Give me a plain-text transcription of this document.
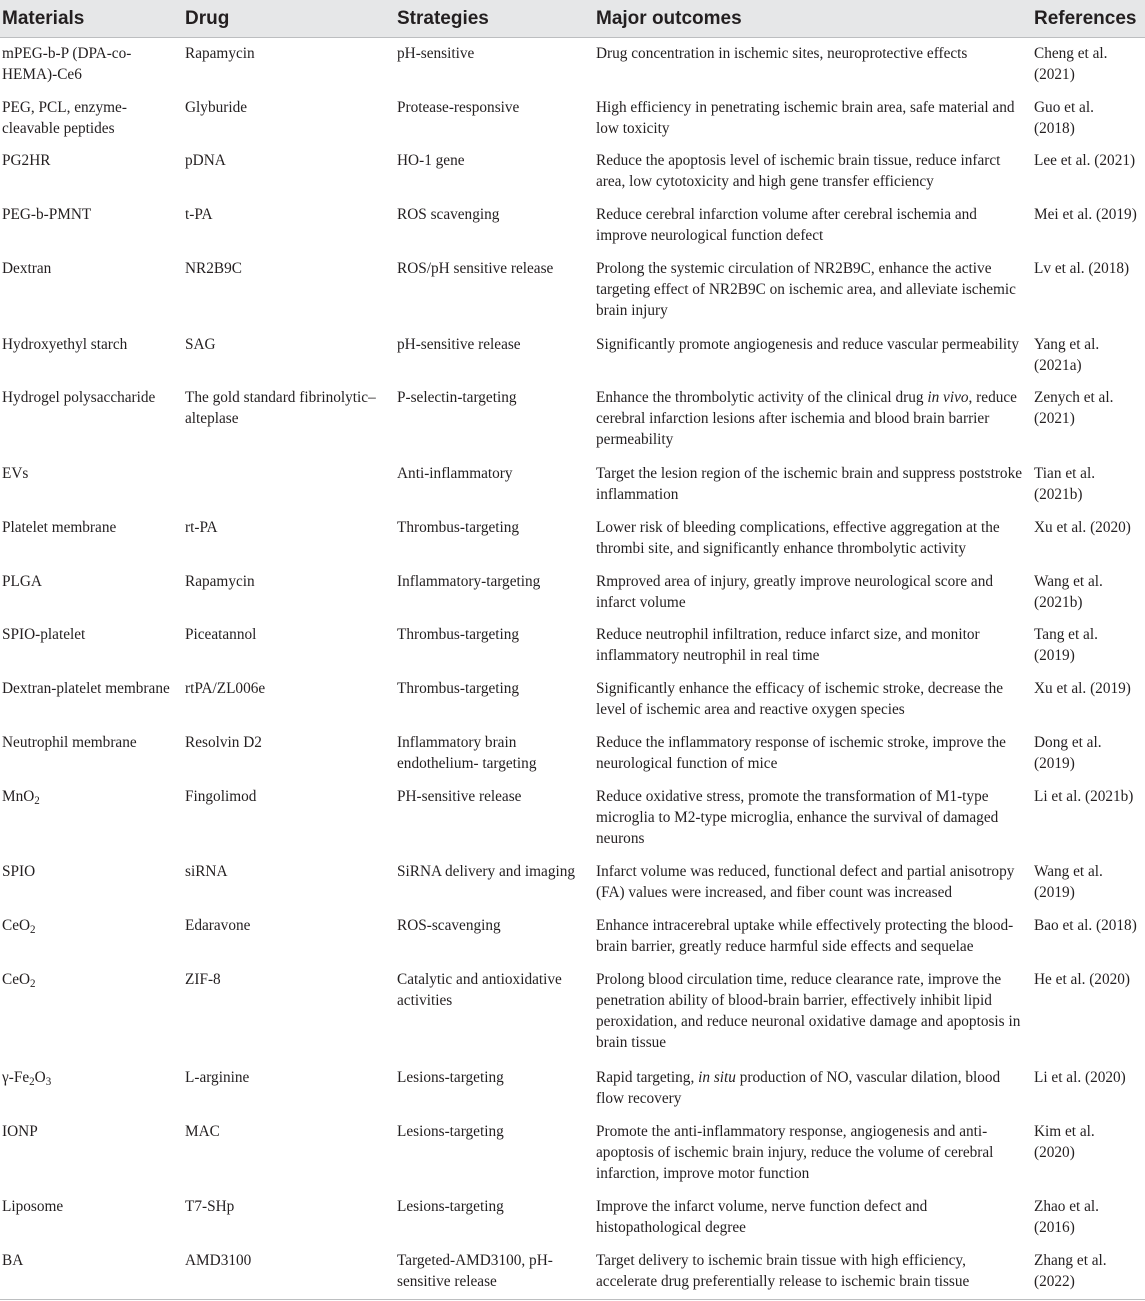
Materials	Drug	Strategies	Major outcomes	References
mPEG-b-P (DPA-co-HEMA)-Ce6	Rapamycin	pH-sensitive	Drug concentration in ischemic sites, neuroprotective effects	Cheng et al. (2021)
PEG, PCL, enzyme-cleavable peptides	Glyburide	Protease-responsive	High efficiency in penetrating ischemic brain area, safe material and low toxicity	Guo et al. (2018)
PG2HR	pDNA	HO-1 gene	Reduce the apoptosis level of ischemic brain tissue, reduce infarct area, low cytotoxicity and high gene transfer efficiency	Lee et al. (2021)
PEG-b-PMNT	t-PA	ROS scavenging	Reduce cerebral infarction volume after cerebral ischemia and improve neurological function defect	Mei et al. (2019)
Dextran	NR2B9C	ROS/pH sensitive release	Prolong the systemic circulation of NR2B9C, enhance the active targeting effect of NR2B9C on ischemic area, and alleviate ischemic brain injury	Lv et al. (2018)
Hydroxyethyl starch	SAG	pH-sensitive release	Significantly promote angiogenesis and reduce vascular permeability	Yang et al. (2021a)
Hydrogel polysaccharide	The gold standard fibrinolytic–alteplase	P-selectin-targeting	Enhance the thrombolytic activity of the clinical drug in vivo, reduce cerebral infarction lesions after ischemia and blood brain barrier permeability	Zenych et al. (2021)
EVs		Anti-inflammatory	Target the lesion region of the ischemic brain and suppress poststroke inflammation	Tian et al. (2021b)
Platelet membrane	rt-PA	Thrombus-targeting	Lower risk of bleeding complications, effective aggregation at the thrombi site, and significantly enhance thrombolytic activity	Xu et al. (2020)
PLGA	Rapamycin	Inflammatory-targeting	Rmproved area of injury, greatly improve neurological score and infarct volume	Wang et al. (2021b)
SPIO-platelet	Piceatannol	Thrombus-targeting	Reduce neutrophil infiltration, reduce infarct size, and monitor inflammatory neutrophil in real time	Tang et al. (2019)
Dextran-platelet membrane	rtPA/ZL006e	Thrombus-targeting	Significantly enhance the efficacy of ischemic stroke, decrease the level of ischemic area and reactive oxygen species	Xu et al. (2019)
Neutrophil membrane	Resolvin D2	Inflammatory brain endothelium- targeting	Reduce the inflammatory response of ischemic stroke, improve the neurological function of mice	Dong et al. (2019)
MnO$_2$	Fingolimod	PH-sensitive release	Reduce oxidative stress, promote the transformation of M1-type microglia to M2-type microglia, enhance the survival of damaged neurons	Li et al. (2021b)
SPIO	siRNA	SiRNA delivery and imaging	Infarct volume was reduced, functional defect and partial anisotropy (FA) values were increased, and fiber count was increased	Wang et al. (2019)
CeO$_2$	Edaravone	ROS-scavenging	Enhance intracerebral uptake while effectively protecting the blood-brain barrier, greatly reduce harmful side effects and sequelae	Bao et al. (2018)
CeO$_2$	ZIF-8	Catalytic and antioxidative activities	Prolong blood circulation time, reduce clearance rate, improve the penetration ability of blood-brain barrier, effectively inhibit lipid peroxidation, and reduce neuronal oxidative damage and apoptosis in brain tissue	He et al. (2020)
$\gamma-Fe_2O_3$	L-arginine	Lesions-targeting	Rapid targeting, in situ production of NO, vascular dilation, blood flow recovery	Li et al. (2020)
IONP	MAC	Lesions-targeting	Promote the anti-inflammatory response, angiogenesis and anti-apoptosis of ischemic brain injury, reduce the volume of cerebral infarction, improve motor function	Kim et al. (2020)
Liposome	T7-SHp	Lesions-targeting	Improve the infarct volume, nerve function defect and histopathological degree	Zhao et al. (2016)
BA	AMD3100	Targeted-AMD3100, pH-sensitive release	Target delivery to ischemic brain tissue with high efficiency, accelerate drug preferentially release to ischemic brain tissue	Zhang et al. (2022)
